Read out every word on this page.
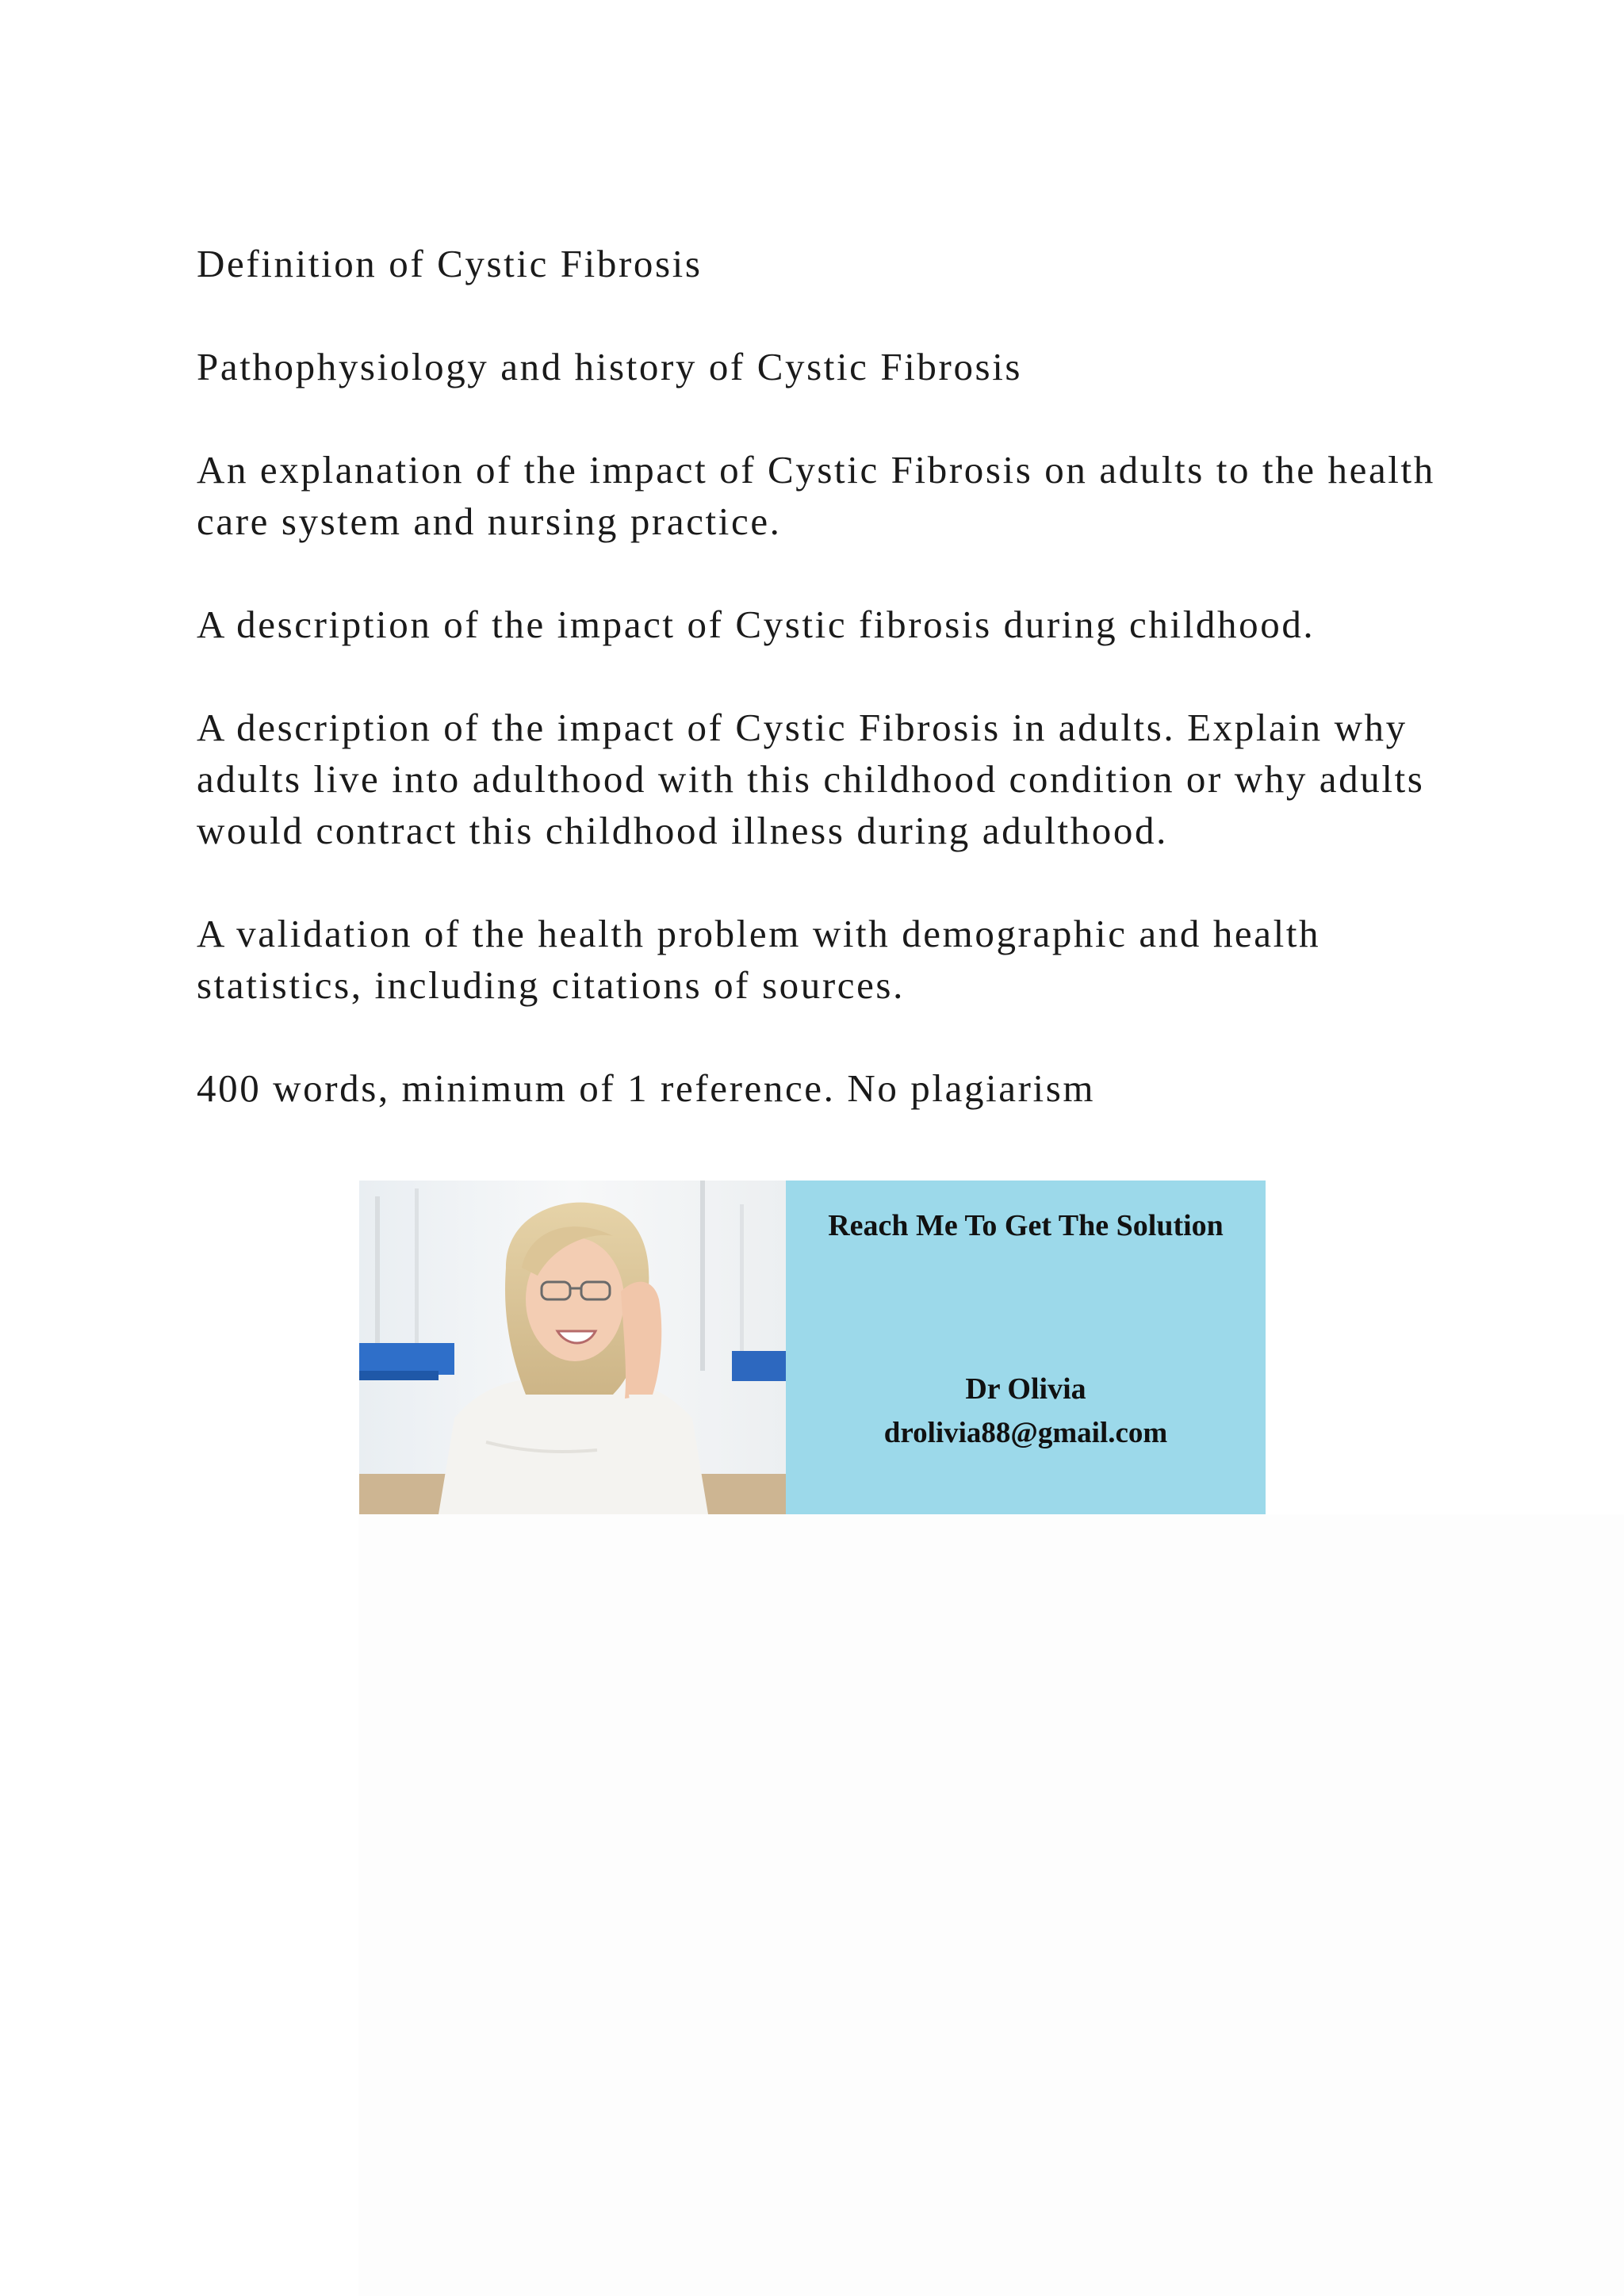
Definition of Cystic Fibrosis

Pathophysiology and history of Cystic Fibrosis

An explanation of the impact of Cystic Fibrosis on adults to the health care system and nursing practice.

A description of the impact of Cystic fibrosis during childhood.

A description of the impact of Cystic Fibrosis in adults. Explain why adults live into adulthood with this childhood condition or why adults would contract this childhood illness during adulthood.

A validation of the health problem with demographic and health statistics, including citations of sources.

400 words, minimum of 1 reference. No plagiarism

Reach Me To Get The Solution
Dr Olivia
drolivia88@gmail.com
